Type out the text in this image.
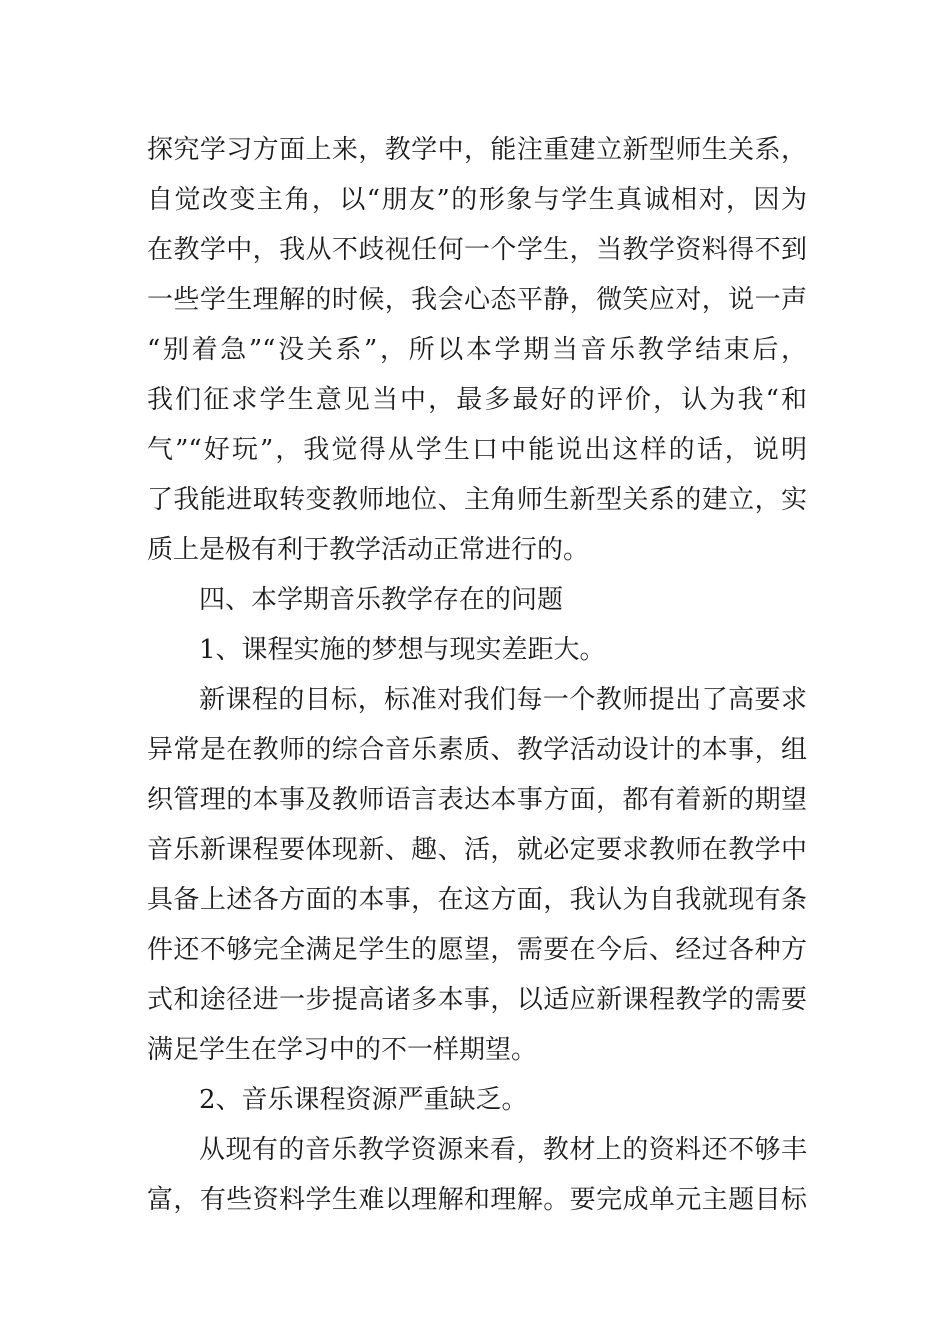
探究学习方面上来，教学中，能注重建立新型师生关系，
自觉改变主角，以“朋友”的形象与学生真诚相对，因为
在教学中，我从不歧视任何一个学生，当教学资料得不到
一些学生理解的时候，我会心态平静，微笑应对，说一声
“别着急”“没关系”，所以本学期当音乐教学结束后，
我们征求学生意见当中，最多最好的评价，认为我“和
气”“好玩”，我觉得从学生口中能说出这样的话，说明
了我能进取转变教师地位、主角师生新型关系的建立，实
质上是极有利于教学活动正常进行的。
四、本学期音乐教学存在的问题
1、课程实施的梦想与现实差距大。
新课程的目标，标准对我们每一个教师提出了高要求
异常是在教师的综合音乐素质、教学活动设计的本事，组
织管理的本事及教师语言表达本事方面，都有着新的期望
音乐新课程要体现新、趣、活，就必定要求教师在教学中
具备上述各方面的本事，在这方面，我认为自我就现有条
件还不够完全满足学生的愿望，需要在今后、经过各种方
式和途径进一步提高诸多本事，以适应新课程教学的需要
满足学生在学习中的不一样期望。
2、音乐课程资源严重缺乏。
从现有的音乐教学资源来看，教材上的资料还不够丰
富，有些资料学生难以理解和理解。要完成单元主题目标
